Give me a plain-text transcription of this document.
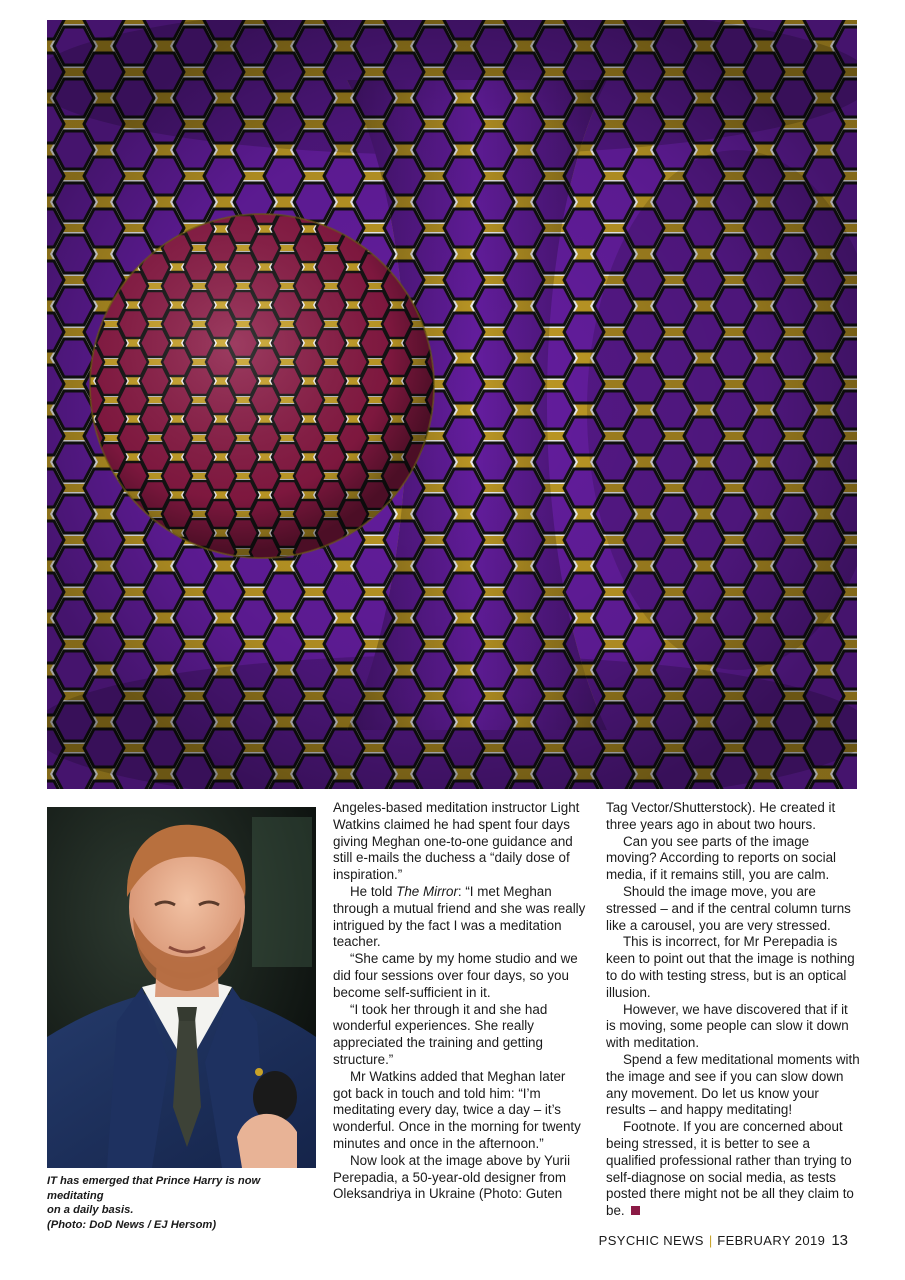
IT has emerged that Prince Harry is now meditating
on a daily basis.
(Photo: DoD News / EJ Hersom)

Angeles-based meditation instructor Light Watkins claimed he had spent four days giving Meghan one-to-one guidance and still e-mails the duchess a “daily dose of inspiration.”

He told The Mirror: “I met Meghan through a mutual friend and she was really intrigued by the fact I was a meditation teacher.

“She came by my home studio and we did four sessions over four days, so you become self-sufficient in it.

“I took her through it and she had wonderful experiences. She really appreciated the training and getting structure.”

Mr Watkins added that Meghan later got back in touch and told him: “I’m meditating every day, twice a day – it’s wonderful. Once in the morning for twenty minutes and once in the afternoon.”

Now look at the image above by Yurii Perepadia, a 50-year-old designer from Oleksandriya in Ukraine (Photo: Guten

Tag Vector/Shutterstock). He created it three years ago in about two hours.

Can you see parts of the image moving? According to reports on social media, if it remains still, you are calm.

Should the image move, you are stressed – and if the central column turns like a carousel, you are very stressed.

This is incorrect, for Mr Perepadia is keen to point out that the image is nothing to do with testing stress, but is an optical illusion.

However, we have discovered that if it is moving, some people can slow it down with meditation.

Spend a few meditational moments with the image and see if you can slow down any movement. Do let us know your results – and happy meditating!

Footnote. If you are concerned about being stressed, it is better to see a qualified professional rather than trying to self-diagnose on social media, as tests posted there might not be all they claim to be.

PSYCHIC NEWS | FEBRUARY 2019 13
